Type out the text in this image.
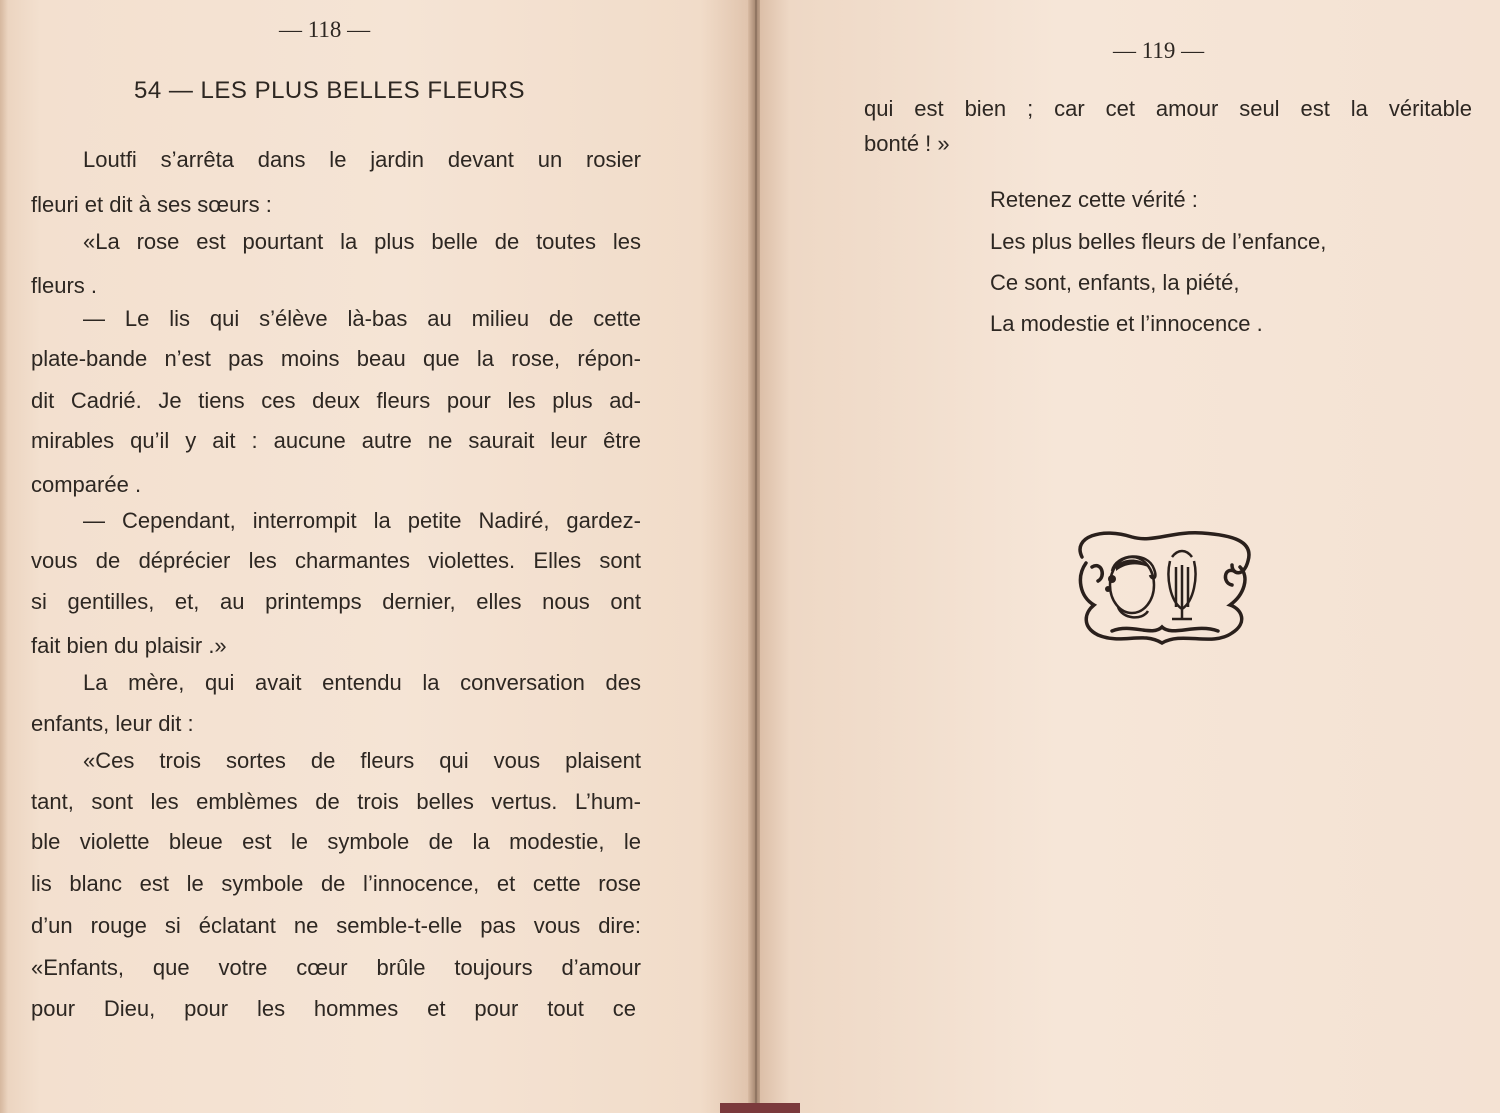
— 118 —
54 — LES PLUS BELLES FLEURS
Loutfi s’arrêta dans le jardin devant un rosier
fleuri et dit à ses sœurs :
«La rose est pourtant la plus belle de toutes les
fleurs .
— Le lis qui s’élève là-bas au milieu de cette
plate-bande n’est pas moins beau que la rose, répon-
dit Cadrié. Je tiens ces deux fleurs pour les plus ad-
mirables qu’il y ait : aucune autre ne saurait leur être
comparée .
— Cependant, interrompit la petite Nadiré, gardez-
vous de déprécier les charmantes violettes. Elles sont
si gentilles, et, au printemps dernier, elles nous ont
fait bien du plaisir .»
La mère, qui avait entendu la conversation des
enfants, leur dit :
«Ces trois sortes de fleurs qui vous plaisent
tant, sont les emblèmes de trois belles vertus. L’hum-
ble violette bleue est le symbole de la modestie, le
lis blanc est le symbole de l’innocence, et cette rose
d’un rouge si éclatant ne semble-t-elle pas vous dire:
«Enfants, que votre cœur brûle toujours d’amour
pour Dieu, pour les hommes et pour tout ce
— 119 —
qui est bien ; car cet amour seul est la véritable
bonté ! »
Retenez cette vérité :
Les plus belles fleurs de l’enfance,
Ce sont, enfants, la piété,
La modestie et l’innocence .
